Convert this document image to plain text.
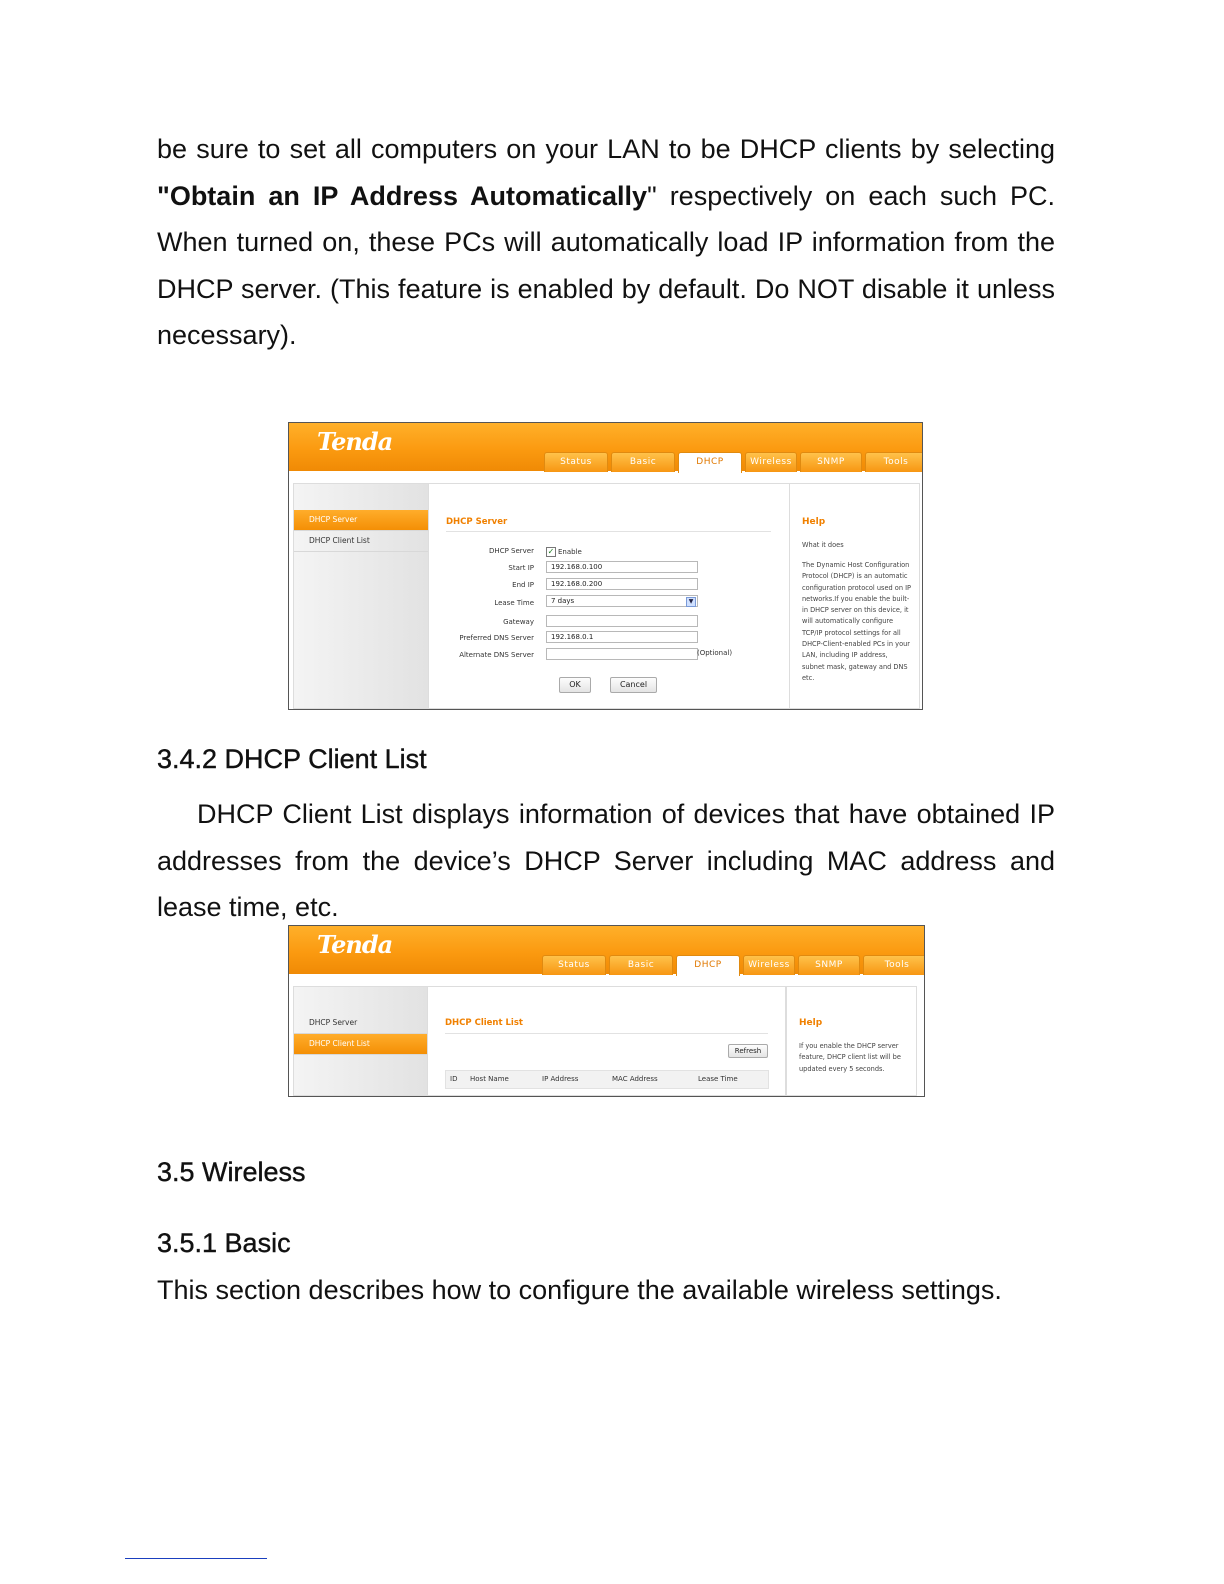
be sure to set all computers on your LAN to be DHCP clients by selecting "Obtain an IP Address Automatically" respectively on each such PC. When turned on, these PCs will automatically load IP information from the DHCP server. (This feature is enabled by default. Do NOT disable it unless necessary).

Tenda
Status	Basic	DHCP	Wireless	SNMP	Tools
DHCP Server
DHCP Client List
DHCP Server
DHCP Server ✓ Enable
Start IP	192.168.0.100
End IP	192.168.0.200
Lease Time	7 days	▼
Gateway
Preferred DNS Server	192.168.0.1
Alternate DNS Server	(Optional)
OK	Cancel
Help
What it does
The Dynamic Host Configuration Protocol (DHCP) is an automatic configuration protocol used on IP networks.If you enable the built-in DHCP server on this device, it will automatically configure TCP/IP protocol settings for all DHCP-Client-enabled PCs in your LAN, including IP address, subnet mask, gateway and DNS etc.
3.4.2 DHCP Client List

DHCP Client List displays information of devices that have obtained IP addresses from the device’s DHCP Server including MAC address and lease time, etc.

Tenda
Status	Basic	DHCP	Wireless	SNMP	Tools
DHCP Server
DHCP Client List
DHCP Client List
Refresh
ID Host Name	IP Address	MAC Address	Lease Time
Help
If you enable the DHCP server feature, DHCP client list will be updated every 5 seconds.
3.5 Wireless
3.5.1 Basic

This section describes how to configure the available wireless settings.
